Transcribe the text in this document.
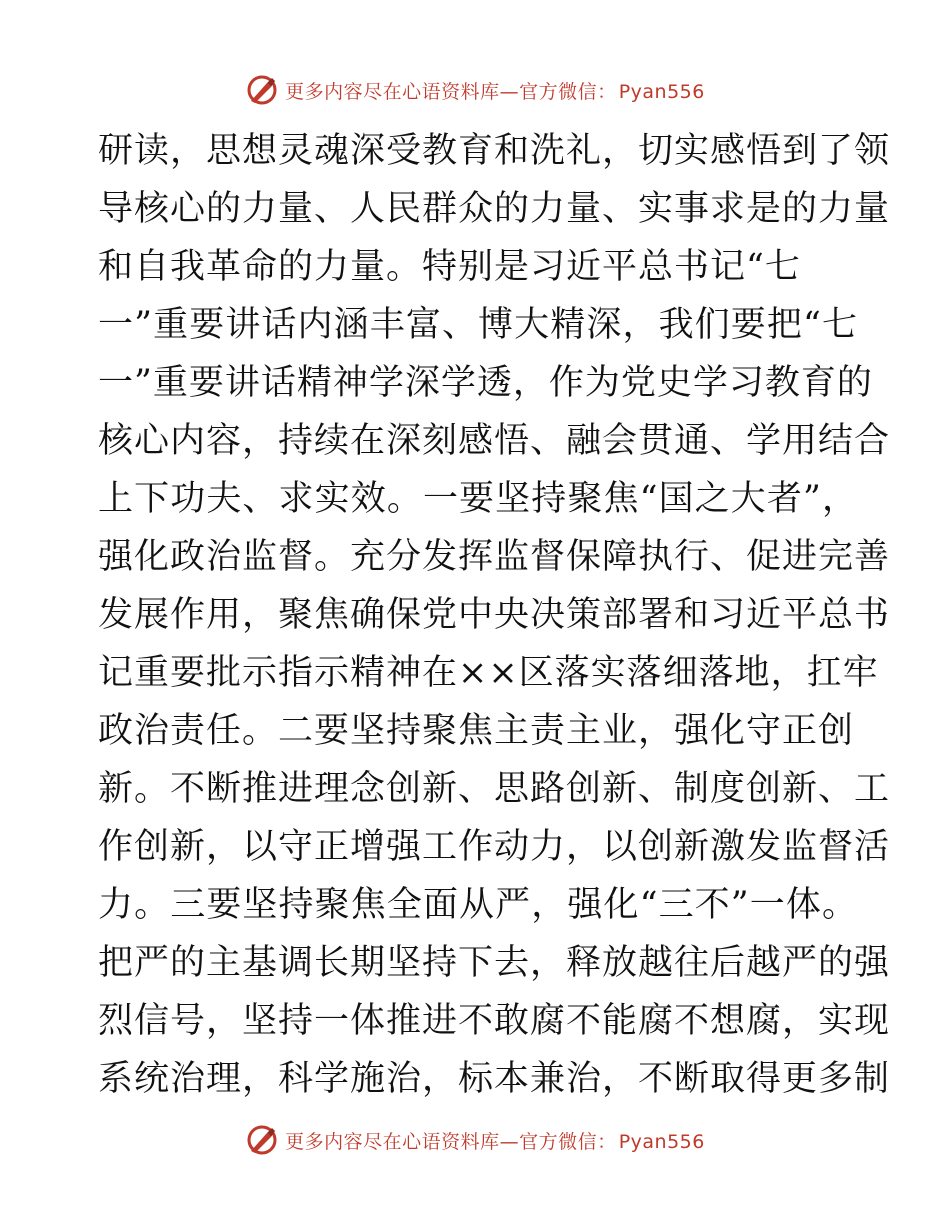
更多内容尽在心语资料库—官方微信： Pyan556
研读，思想灵魂深受教育和洗礼，切实感悟到了领
导核心的力量、人民群众的力量、实事求是的力量
和自我革命的力量。特别是习近平总书记“七
一”重要讲话内涵丰富、博大精深，我们要把“七
一”重要讲话精神学深学透，作为党史学习教育的
核心内容，持续在深刻感悟、融会贯通、学用结合
上下功夫、求实效。一要坚持聚焦“国之大者”，
强化政治监督。充分发挥监督保障执行、促进完善
发展作用，聚焦确保党中央决策部署和习近平总书
记重要批示指示精神在××区落实落细落地，扛牢
政治责任。二要坚持聚焦主责主业，强化守正创
新。不断推进理念创新、思路创新、制度创新、工
作创新，以守正增强工作动力，以创新激发监督活
力。三要坚持聚焦全面从严，强化“三不”一体。
把严的主基调长期坚持下去，释放越往后越严的强
烈信号，坚持一体推进不敢腐不能腐不想腐，实现
系统治理，科学施治，标本兼治，不断取得更多制
更多内容尽在心语资料库—官方微信： Pyan556
